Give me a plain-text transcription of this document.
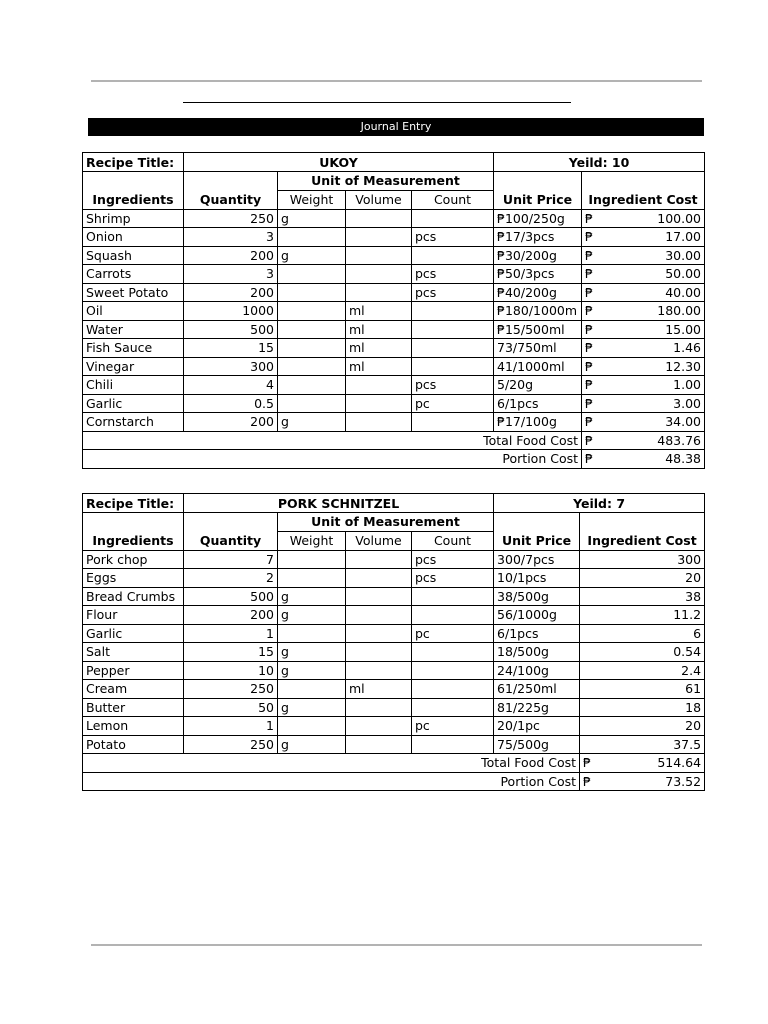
Journal Entry
Recipe Title:	UKOY				Yeild: 10	
		Unit of Measurement				
Ingredients	Quantity	Weight	Volume	Count	Unit Price	Ingredient Cost
Shrimp	250	g			₱100/250g	₱ 100.00

Onion	3			pcs	₱17/3pcs	₱ 17.00

Squash	200	g			₱30/200g	₱ 30.00

Carrots	3			pcs	₱50/3pcs	₱ 50.00

Sweet Potato	200			pcs	₱40/200g	₱ 40.00

Oil	1000		ml		₱180/1000m	₱ 180.00

Water	500		ml		₱15/500ml	₱ 15.00

Fish Sauce	15		ml		73/750ml	₱ 1.46

Vinegar	300		ml		41/1000ml	₱ 12.30

Chili	4			pcs	5/20g	₱ 1.00

Garlic	0.5			pc	6/1pcs	₱ 3.00

Cornstarch	200	g			₱17/100g	₱ 34.00

Total Food Cost						₱ 483.76

Portion Cost						₱ 48.38
Recipe Title:	PORK SCHNITZEL				Yeild: 7	
		Unit of Measurement				
Ingredients	Quantity	Weight	Volume	Count	Unit Price	Ingredient Cost
Pork chop	7			pcs	300/7pcs	300
Eggs	2			pcs	10/1pcs	20
Bread Crumbs	500	g			38/500g	38
Flour	200	g			56/1000g	11.2
Garlic	1			pc	6/1pcs	6
Salt	15	g			18/500g	0.54
Pepper	10	g			24/100g	2.4
Cream	250		ml		61/250ml	61
Butter	50	g			81/225g	18
Lemon	1			pc	20/1pc	20
Potato	250	g			75/500g	37.5
Total Food Cost						₱ 514.64

Portion Cost						₱ 73.52
